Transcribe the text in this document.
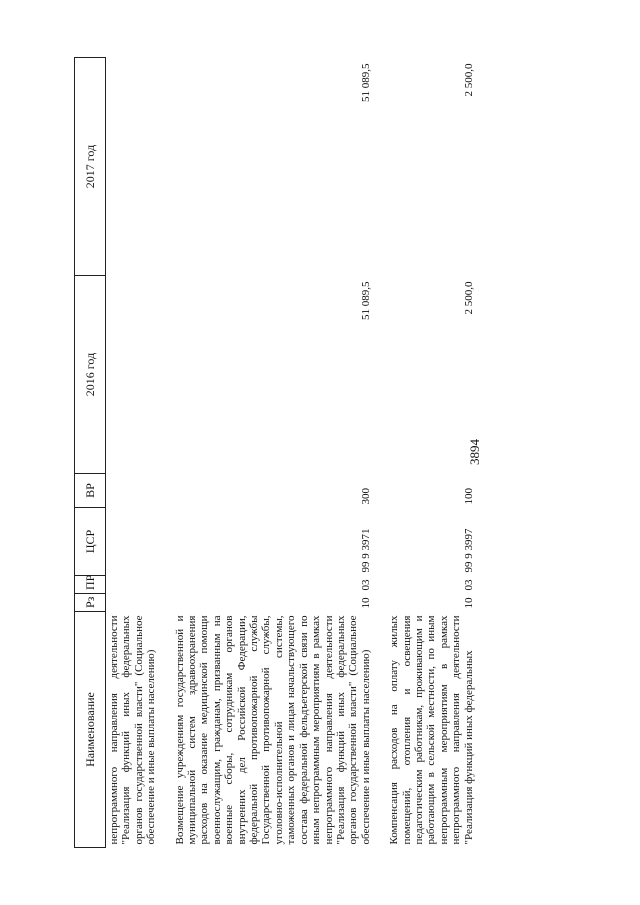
3894
Наименование	Рз	ПР	ЦСР	ВР	2016 год	2017 год
непрограммного направления деятельности "Реализация функций иных федеральных органов государственной власти" (Социальное обеспечение и иные выплаты населению)						

Возмещение учреждениям государственной и муниципальной систем здравоохранения расходов на оказание медицинской помощи военнослужащим, гражданам, призванным на военные сборы, сотрудникам органов внутренних дел Российской Федерации, федеральной противопожарной службы Государственной противопожарной службы, уголовно-исполнительной системы, таможенных органов и лицам начальствующего состава федеральной фельдъегерской связи по иным непрограммным мероприятиям в рамках непрограммного направления деятельности "Реализация функций иных федеральных органов государственной власти" (Социальное обеспечение и иные выплаты населению)	10	03	99 9 3971	300	51 089,5	51 089,5

Компенсация расходов на оплату жилых помещений, отопления и освещения педагогическим работникам, проживающим и работающим в сельской местности, по иным непрограммным мероприятиям в рамках непрограммного направления деятельности "Реализация функций иных федеральных	10	03	99 9 3997	100	2 500,0	2 500,0
